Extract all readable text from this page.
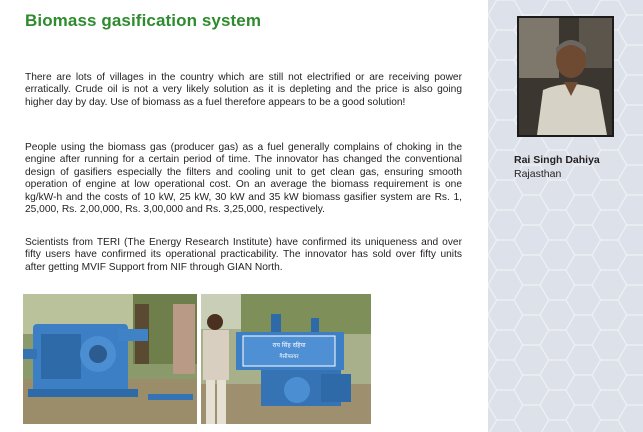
Biomass gasification system

There are lots of villages in the country which are still not electrified or are receiving power erratically. Crude oil is not a very likely solution as it is depleting and the price is also going higher day by day. Use of biomass as a fuel therefore appears to be a good solution!

People using the biomass gas (producer gas) as a fuel generally complains of choking in the engine after running for a certain period of time. The innovator has changed the conventional design of gasifiers especially the filters and cooling unit to get clean gas, ensuring smooth operation of engine at low operational cost. On an average the biomass requirement is one kg/kW-h and the costs of 10 kW, 25 kW, 30 kW and 35 kW biomass gasifier system are Rs. 1, 25,000, Rs. 2,00,000, Rs. 3,00,000 and Rs. 3,25,000, respectively.

Scientists from TERI (The Energy Research Institute) have confirmed its uniqueness and over fifty users have confirmed its operational practicability. The innovator has sold over fifty units after getting MVIF Support from NIF through GIAN North.

राय सिंह दहिया
गैसीफायर
Rai Singh Dahiya
Rajasthan
